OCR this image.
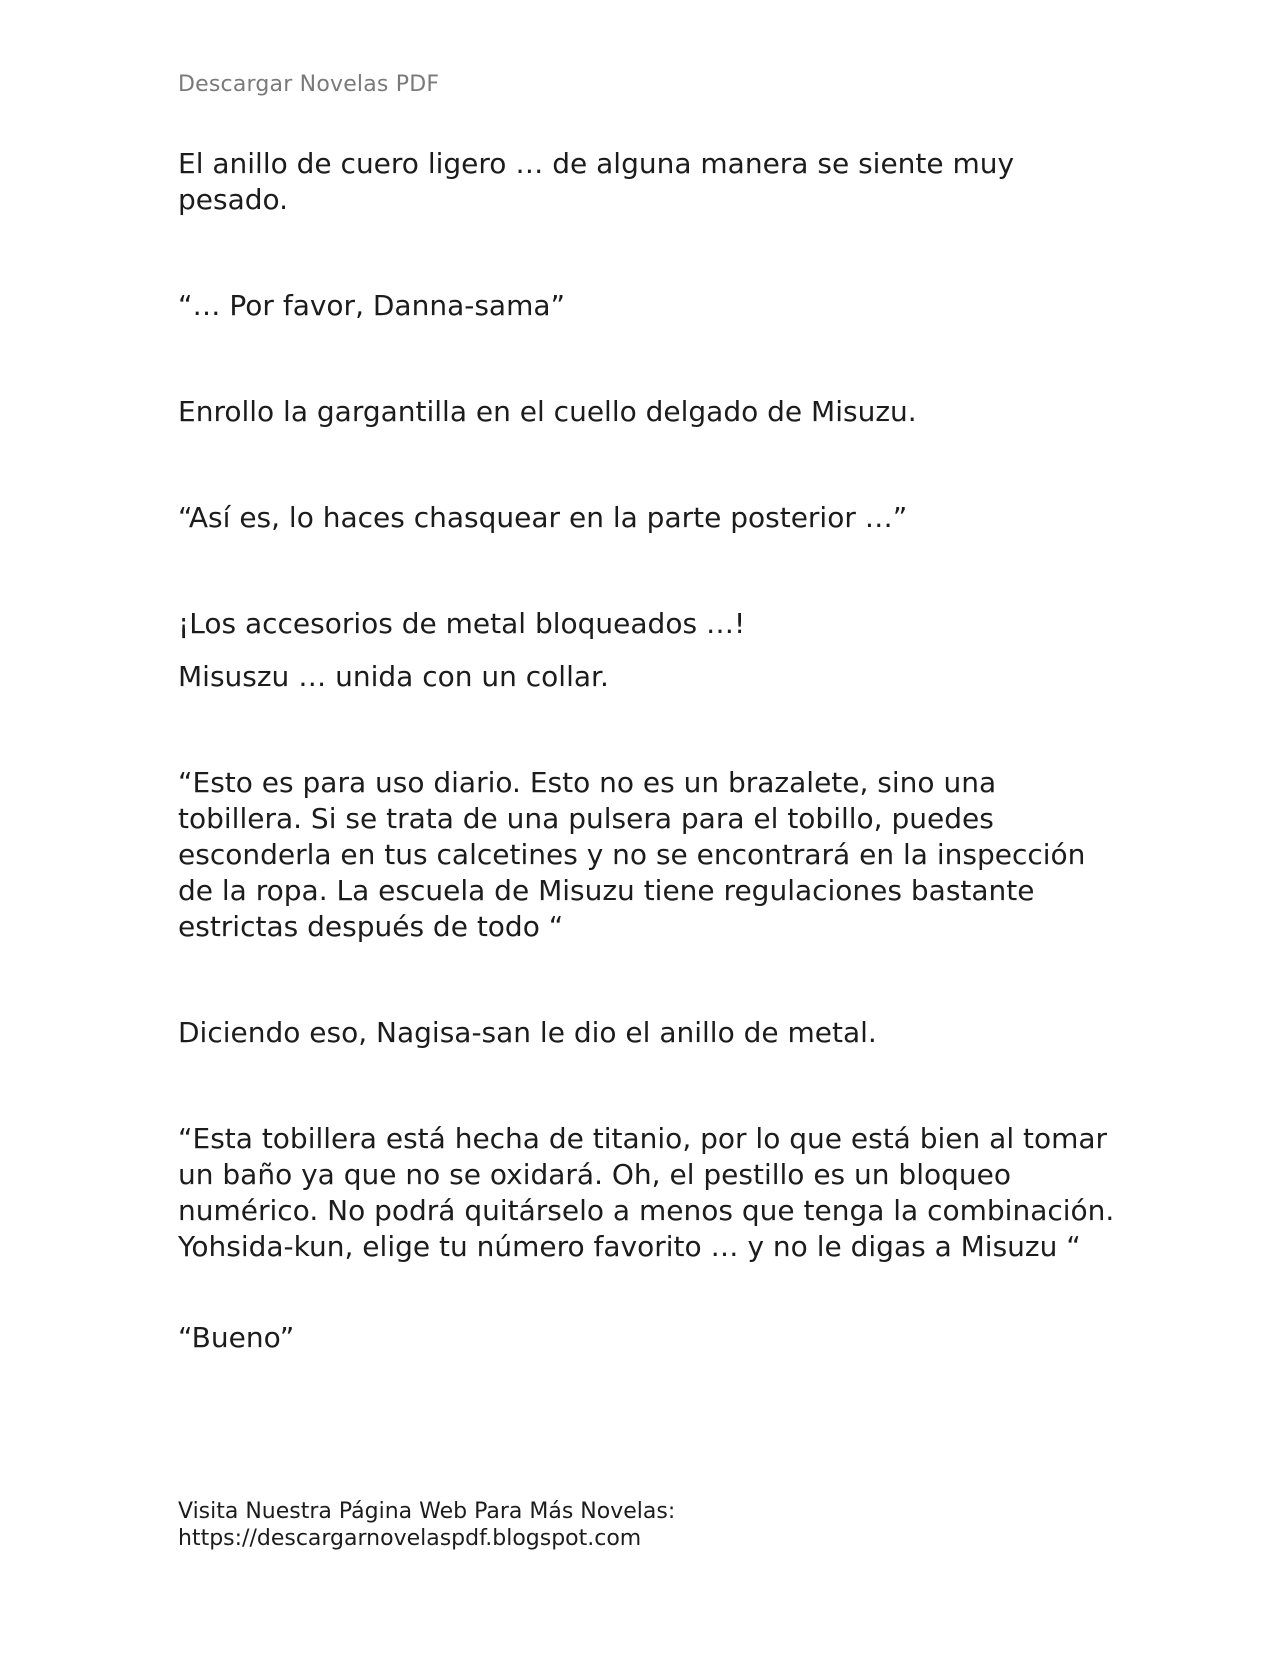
Descargar Novelas PDF

El anillo de cuero ligero … de alguna manera se siente muy pesado.

“… Por favor, Danna-sama”

Enrollo la gargantilla en el cuello delgado de Misuzu.

“Así es, lo haces chasquear en la parte posterior …”

¡Los accesorios de metal bloqueados …!

Misuszu … unida con un collar.

“Esto es para uso diario. Esto no es un brazalete, sino una tobillera. Si se trata de una pulsera para el tobillo, puedes esconderla en tus calcetines y no se encontrará en la inspección de la ropa. La escuela de Misuzu tiene regulaciones bastante estrictas después de todo “

Diciendo eso, Nagisa-san le dio el anillo de metal.

“Esta tobillera está hecha de titanio, por lo que está bien al tomar un baño ya que no se oxidará. Oh, el pestillo es un bloqueo numérico. No podrá quitárselo a menos que tenga la combinación. Yohsida-kun, elige tu número favorito … y no le digas a Misuzu “

“Bueno”

Visita Nuestra Página Web Para Más Novelas:
https://descargarnovelaspdf.blogspot.com
